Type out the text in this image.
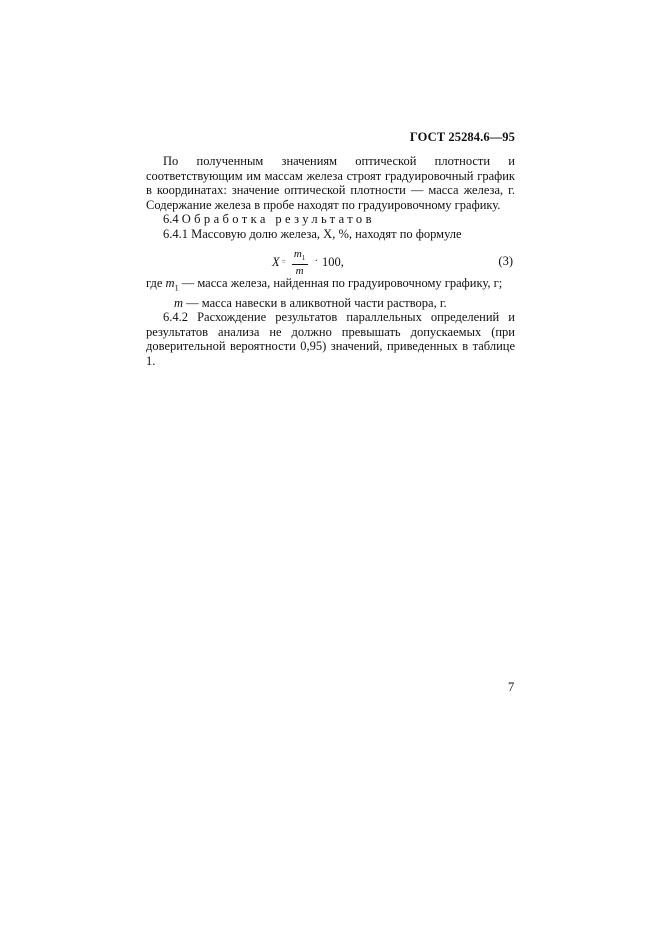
ГОСТ 25284.6—95

По полученным значениям оптической плотности и соответствующим им массам железа строят градуировочный график в координатах: значение оптической плотности — масса железа, г. Содержание железа в пробе находят по градуировочному графику.

6.4 Обработка результатов

6.4.1 Массовую долю железа, X, %, находят по формуле

$X = \frac{m_1}{m} \cdot 100$ ,	(3)

где $m_1$ — масса железа, найденная по градуировочному графику, г;

m — масса навески в аликвотной части раствора, г.

6.4.2 Расхождение результатов параллельных определений и результатов анализа не должно превышать допускаемых (при доверительной вероятности 0,95) значений, приведенных в таблице 1.

7
